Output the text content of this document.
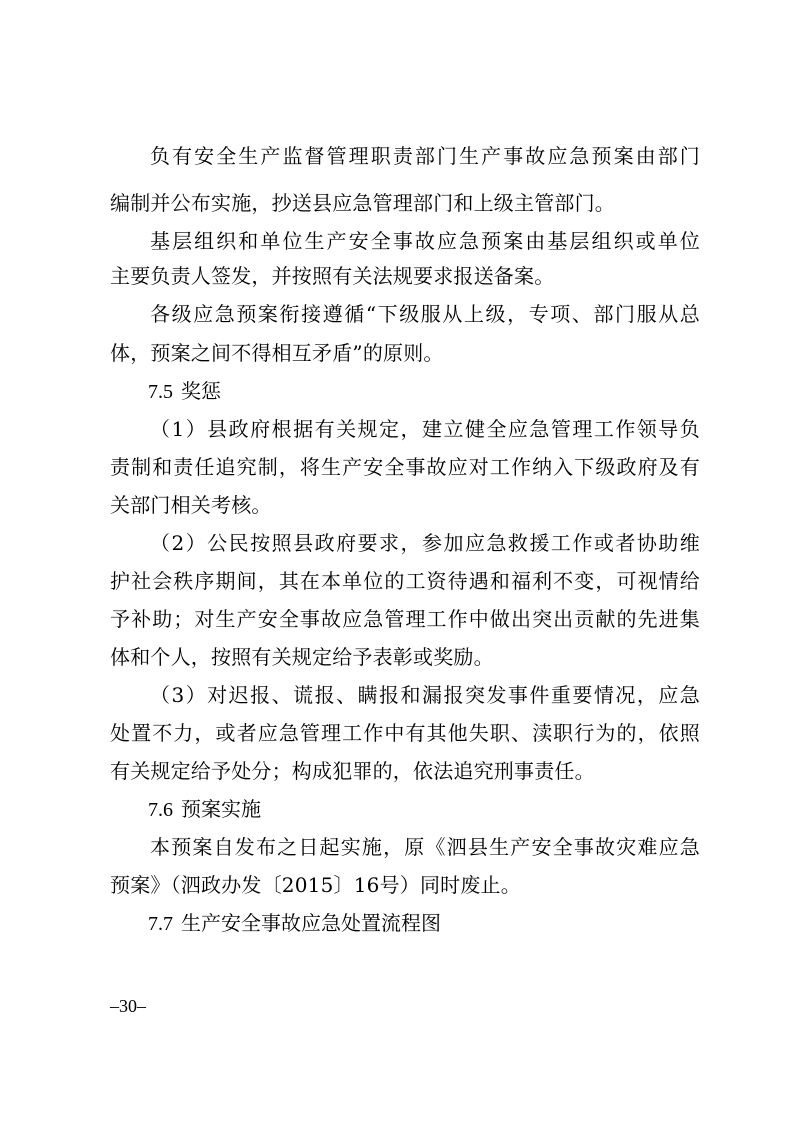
负有安全生产监督管理职责部门生产事故应急预案由部门
编制并公布实施，抄送县应急管理部门和上级主管部门。
基层组织和单位生产安全事故应急预案由基层组织或单位
主要负责人签发，并按照有关法规要求报送备案。
各级应急预案衔接遵循“下级服从上级，专项、部门服从总
体，预案之间不得相互矛盾”的原则。
7.5 奖惩
（1）县政府根据有关规定，建立健全应急管理工作领导负
责制和责任追究制，将生产安全事故应对工作纳入下级政府及有
关部门相关考核。
（2）公民按照县政府要求，参加应急救援工作或者协助维
护社会秩序期间，其在本单位的工资待遇和福利不变，可视情给
予补助；对生产安全事故应急管理工作中做出突出贡献的先进集
体和个人，按照有关规定给予表彰或奖励。
（3）对迟报、谎报、瞒报和漏报突发事件重要情况，应急
处置不力，或者应急管理工作中有其他失职、渎职行为的，依照
有关规定给予处分；构成犯罪的，依法追究刑事责任。
7.6 预案实施
本预案自发布之日起实施，原《泗县生产安全事故灾难应急
预案》（泗政办发〔2015〕16号）同时废止。
7.7 生产安全事故应急处置流程图
–30–
